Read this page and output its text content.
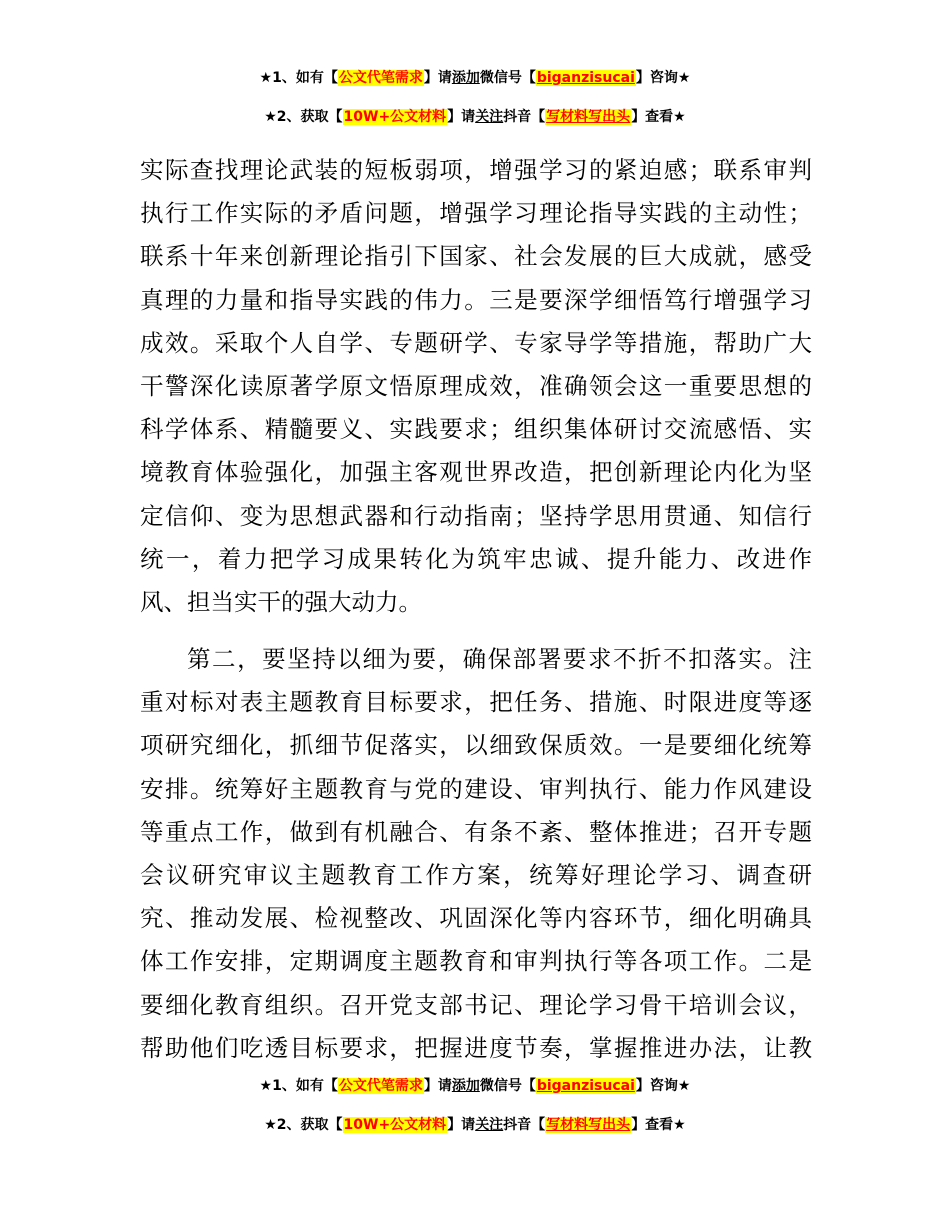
★1、如有【公文代笔需求】请添加微信号【biganzisucai】咨询★
★2、获取【10W+公文材料】请关注抖音【写材料写出头】查看★
实际查找理论武装的短板弱项，增强学习的紧迫感；联系审判
执行工作实际的矛盾问题，增强学习理论指导实践的主动性；
联系十年来创新理论指引下国家、社会发展的巨大成就，感受
真理的力量和指导实践的伟力。三是要深学细悟笃行增强学习
成效。采取个人自学、专题研学、专家导学等措施，帮助广大
干警深化读原著学原文悟原理成效，准确领会这一重要思想的
科学体系、精髓要义、实践要求；组织集体研讨交流感悟、实
境教育体验强化，加强主客观世界改造，把创新理论内化为坚
定信仰、变为思想武器和行动指南；坚持学思用贯通、知信行
统一，着力把学习成果转化为筑牢忠诚、提升能力、改进作
风、担当实干的强大动力。
第二，要坚持以细为要，确保部署要求不折不扣落实。注
重对标对表主题教育目标要求，把任务、措施、时限进度等逐
项研究细化，抓细节促落实，以细致保质效。一是要细化统筹
安排。统筹好主题教育与党的建设、审判执行、能力作风建设
等重点工作，做到有机融合、有条不紊、整体推进；召开专题
会议研究审议主题教育工作方案，统筹好理论学习、调查研
究、推动发展、检视整改、巩固深化等内容环节，细化明确具
体工作安排，定期调度主题教育和审判执行等各项工作。二是
要细化教育组织。召开党支部书记、理论学习骨干培训会议，
帮助他们吃透目标要求，把握进度节奏，掌握推进办法，让教
★1、如有【公文代笔需求】请添加微信号【biganzisucai】咨询★
★2、获取【10W+公文材料】请关注抖音【写材料写出头】查看★
